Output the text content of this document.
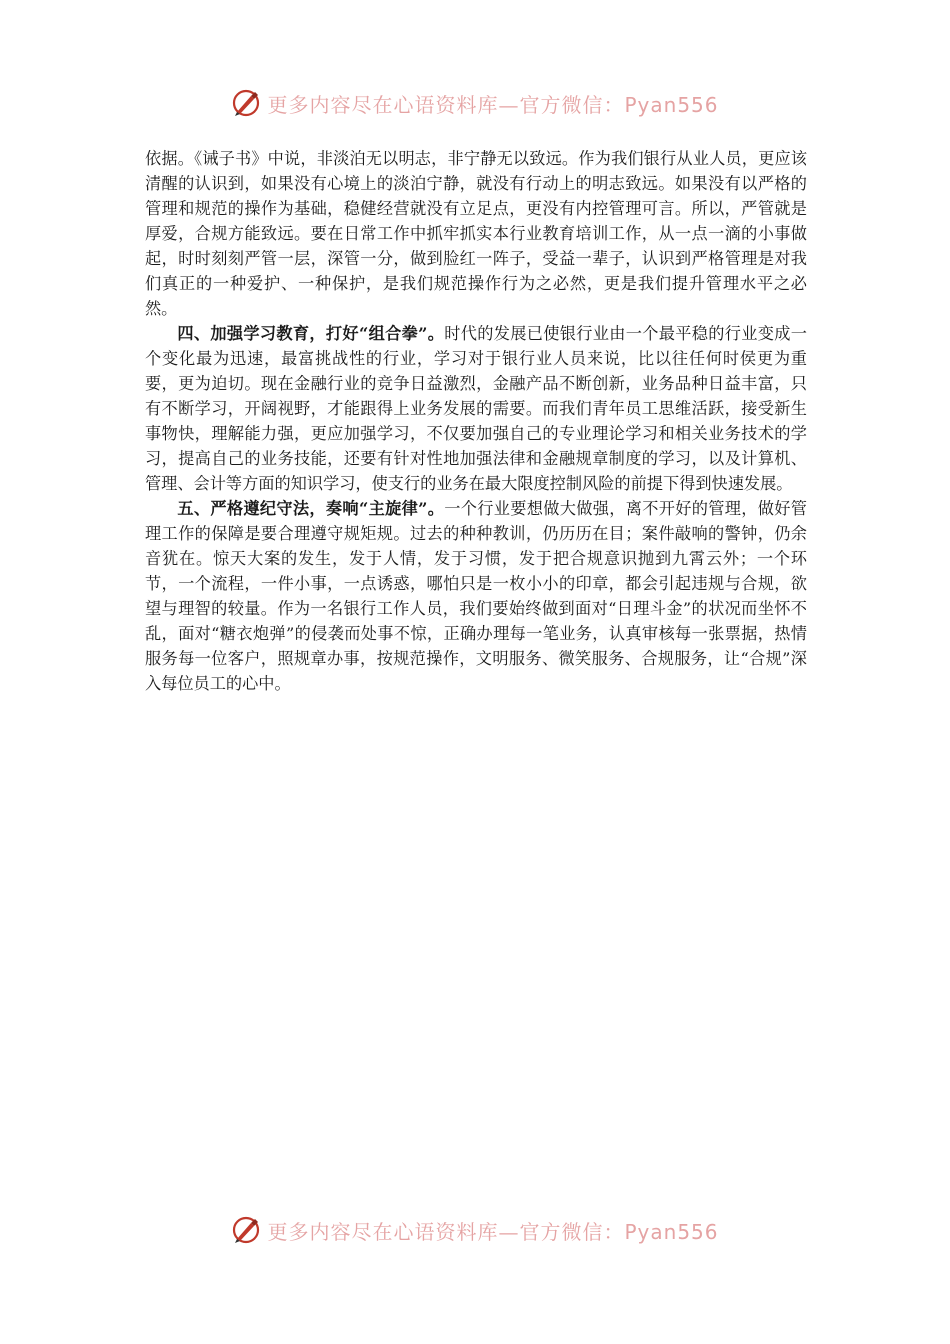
更多内容尽在心语资料库—官方微信：Pyan556

依据。《诫子书》中说，非淡泊无以明志，非宁静无以致远。作为我们银行从业人员，更应该清醒的认识到，如果没有心境上的淡泊宁静，就没有行动上的明志致远。如果没有以严格的管理和规范的操作为基础，稳健经营就没有立足点，更没有内控管理可言。所以，严管就是厚爱，合规方能致远。要在日常工作中抓牢抓实本行业教育培训工作，从一点一滴的小事做起，时时刻刻严管一层，深管一分，做到脸红一阵子，受益一辈子，认识到严格管理是对我们真正的一种爱护、一种保护，是我们规范操作行为之必然，更是我们提升管理水平之必然。

四、加强学习教育，打好“组合拳”。时代的发展已使银行业由一个最平稳的行业变成一个变化最为迅速，最富挑战性的行业，学习对于银行业人员来说，比以往任何时侯更为重要，更为迫切。现在金融行业的竞争日益激烈，金融产品不断创新，业务品种日益丰富，只有不断学习，开阔视野，才能跟得上业务发展的需要。而我们青年员工思维活跃，接受新生事物快，理解能力强，更应加强学习，不仅要加强自己的专业理论学习和相关业务技术的学习，提高自己的业务技能，还要有针对性地加强法律和金融规章制度的学习，以及计算机、管理、会计等方面的知识学习，使支行的业务在最大限度控制风险的前提下得到快速发展。

五、严格遵纪守法，奏响“主旋律”。一个行业要想做大做强，离不开好的管理，做好管理工作的保障是要合理遵守规矩规。过去的种种教训，仍历历在目；案件敲响的警钟，仍余音犹在。惊天大案的发生，发于人情，发于习惯，发于把合规意识抛到九霄云外；一个环节，一个流程，一件小事，一点诱惑，哪怕只是一枚小小的印章，都会引起违规与合规，欲望与理智的较量。作为一名银行工作人员，我们要始终做到面对“日理斗金”的状况而坐怀不乱，面对“糖衣炮弹”的侵袭而处事不惊，正确办理每一笔业务，认真审核每一张票据，热情服务每一位客户，照规章办事，按规范操作，文明服务、微笑服务、合规服务，让“合规”深入每位员工的心中。

更多内容尽在心语资料库—官方微信：Pyan556
